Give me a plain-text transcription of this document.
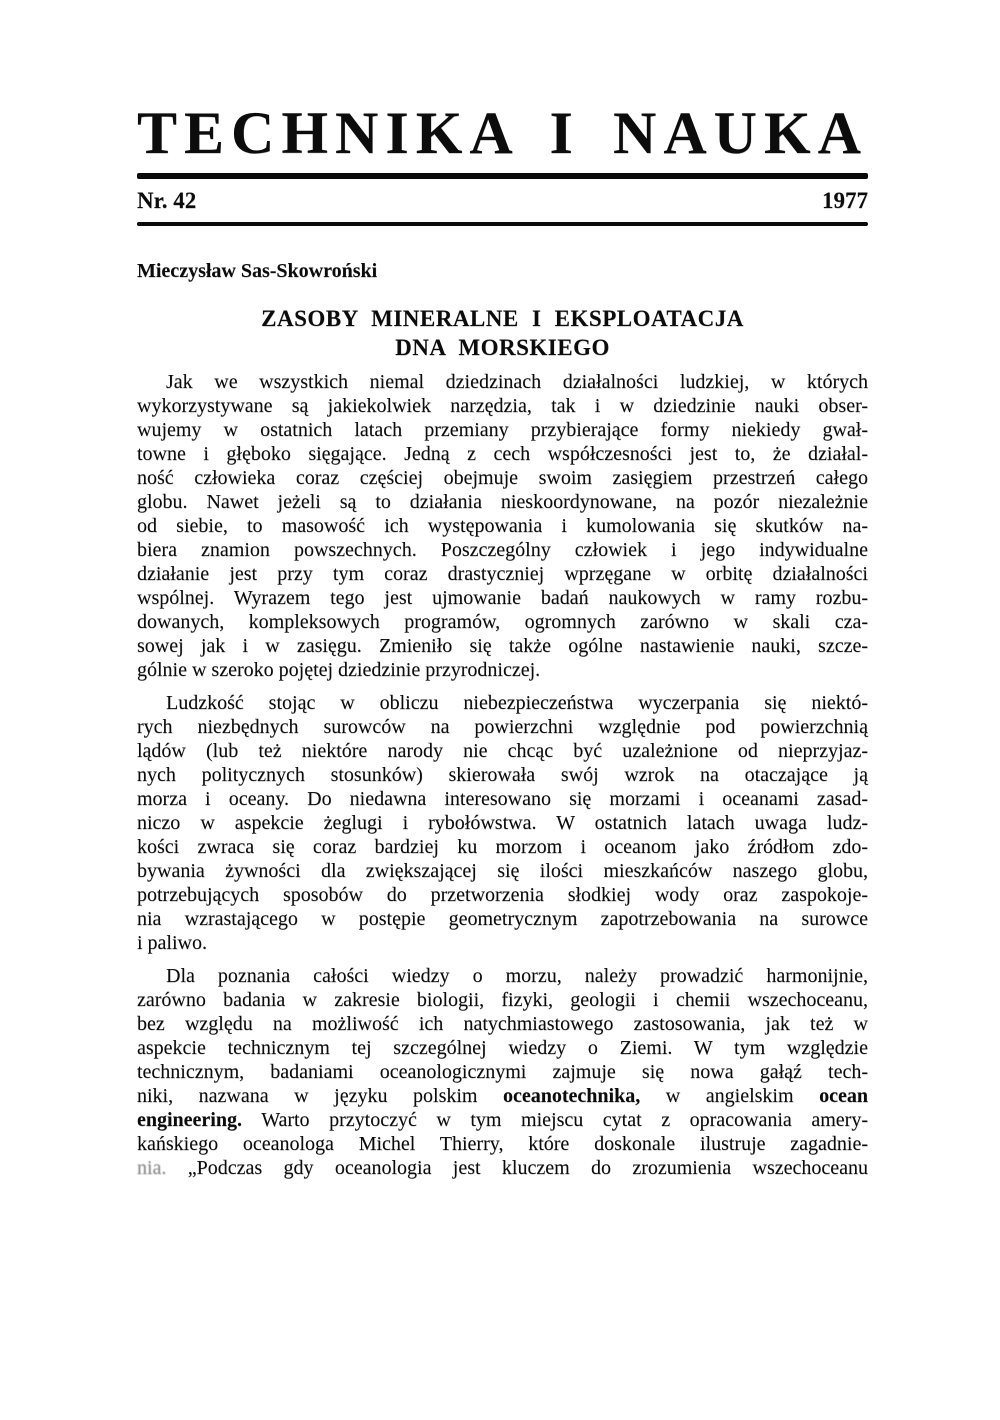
TECHNIKA I NAUKA
Nr. 42	1977
Mieczysław Sas-Skowroński
ZASOBY MINERALNE I EKSPLOATACJA
DNA MORSKIEGO
Jak we wszystkich niemal dziedzinach działalności ludzkiej, w których
wykorzystywane są jakiekolwiek narzędzia, tak i w dziedzinie nauki obser-
wujemy w ostatnich latach przemiany przybierające formy niekiedy gwał-
towne i głęboko sięgające. Jedną z cech współczesności jest to, że działal-
ność człowieka coraz częściej obejmuje swoim zasięgiem przestrzeń całego
globu. Nawet jeżeli są to działania nieskoordynowane, na pozór niezależnie
od siebie, to masowość ich występowania i kumolowania się skutków na-
biera znamion powszechnych. Poszczególny człowiek i jego indywidualne
działanie jest przy tym coraz drastyczniej wprzęgane w orbitę działalności
wspólnej. Wyrazem tego jest ujmowanie badań naukowych w ramy rozbu-
dowanych, kompleksowych programów, ogromnych zarówno w skali cza-
sowej jak i w zasięgu. Zmieniło się także ogólne nastawienie nauki, szcze-
gólnie w szeroko pojętej dziedzinie przyrodniczej.
Ludzkość stojąc w obliczu niebezpieczeństwa wyczerpania się niektó-
rych niezbędnych surowców na powierzchni względnie pod powierzchnią
lądów (lub też niektóre narody nie chcąc być uzależnione od nieprzyjaz-
nych politycznych stosunków) skierowała swój wzrok na otaczające ją
morza i oceany. Do niedawna interesowano się morzami i oceanami zasad-
niczo w aspekcie żeglugi i rybołówstwa. W ostatnich latach uwaga ludz-
kości zwraca się coraz bardziej ku morzom i oceanom jako źródłom zdo-
bywania żywności dla zwiększającej się ilości mieszkańców naszego globu,
potrzebujących sposobów do przetworzenia słodkiej wody oraz zaspokoje-
nia wzrastającego w postępie geometrycznym zapotrzebowania na surowce
i paliwo.
Dla poznania całości wiedzy o morzu, należy prowadzić harmonijnie,
zarówno badania w zakresie biologii, fizyki, geologii i chemii wszechoceanu,
bez względu na możliwość ich natychmiastowego zastosowania, jak też w
aspekcie technicznym tej szczególnej wiedzy o Ziemi. W tym względzie
technicznym, badaniami oceanologicznymi zajmuje się nowa gałąź tech-
niki, nazwana w języku polskim oceanotechnika, w angielskim ocean
engineering. Warto przytoczyć w tym miejscu cytat z opracowania amery-
kańskiego oceanologa Michel Thierry, które doskonale ilustruje zagadnie-
nia. „Podczas gdy oceanologia jest kluczem do zrozumienia wszechoceanu
